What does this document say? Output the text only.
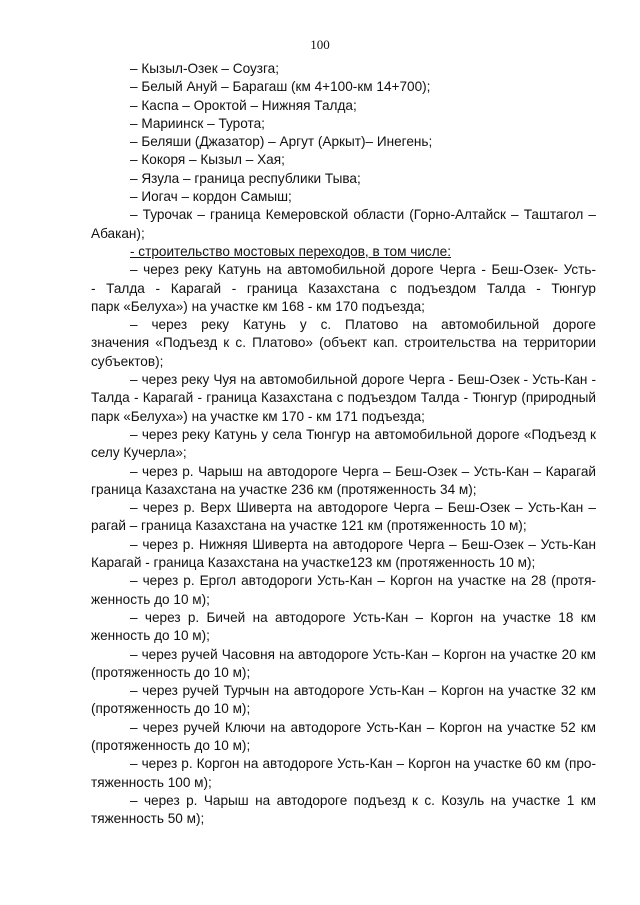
100
– Кызыл-Озек – Соузга;
– Белый Ануй – Барагаш (км 4+100-км 14+700);
– Каспа – Ороктой – Нижняя Талда;
– Мариинск – Турота;
– Беляши (Джазатор) – Аргут (Аркыт)– Инегень;
– Кокоря – Кызыл – Хая;
– Язула – граница республики Тыва;
– Иогач – кордон Самыш;
– Турочак – граница Кемеровской области (Горно-Алтайск – Таштагол –
Абакан);
- строительство мостовых переходов, в том числе:
– через реку Катунь на автомобильной дороге Черга - Беш-Озек- Усть-
- Талда - Карагай - граница Казахстана с подъездом Талда - Тюнгур
парк «Белуха») на участке км 168 - км 170 подъезда;
– через реку Катунь у с. Платово на автомобильной дороге
значения «Подъезд к с. Платово» (объект кап. строительства на территории
субъектов);
– через реку Чуя на автомобильной дороге Черга - Беш-Озек - Усть-Кан -
Талда - Карагай - граница Казахстана с подъездом Талда - Тюнгур (природный
парк «Белуха») на участке км 170 - км 171 подъезда;
– через реку Катунь у села Тюнгур на автомобильной дороге «Подъезд к
селу Кучерла»;
– через р. Чарыш на автодороге Черга – Беш-Озек – Усть-Кан – Карагай
граница Казахстана на участке 236 км (протяженность 34 м);
– через р. Верх Шиверта на автодороге Черга – Беш-Озек – Усть-Кан –
рагай – граница Казахстана на участке 121 км (протяженность 10 м);
– через р. Нижняя Шиверта на автодороге Черга – Беш-Озек – Усть-Кан
Карагай - граница Казахстана на участке123 км (протяженность 10 м);
– через р. Ергол автодороги Усть-Кан – Коргон на участке на 28 (протя-
женность до 10 м);
– через р. Бичей на автодороге Усть-Кан – Коргон на участке 18 км
женность до 10 м);
– через ручей Часовня на автодороге Усть-Кан – Коргон на участке 20 км
(протяженность до 10 м);
– через ручей Турчын на автодороге Усть-Кан – Коргон на участке 32 км
(протяженность до 10 м);
– через ручей Ключи на автодороге Усть-Кан – Коргон на участке 52 км
(протяженность до 10 м);
– через р. Коргон на автодороге Усть-Кан – Коргон на участке 60 км (про-
тяженность 100 м);
– через р. Чарыш на автодороге подъезд к с. Козуль на участке 1 км
тяженность 50 м);
